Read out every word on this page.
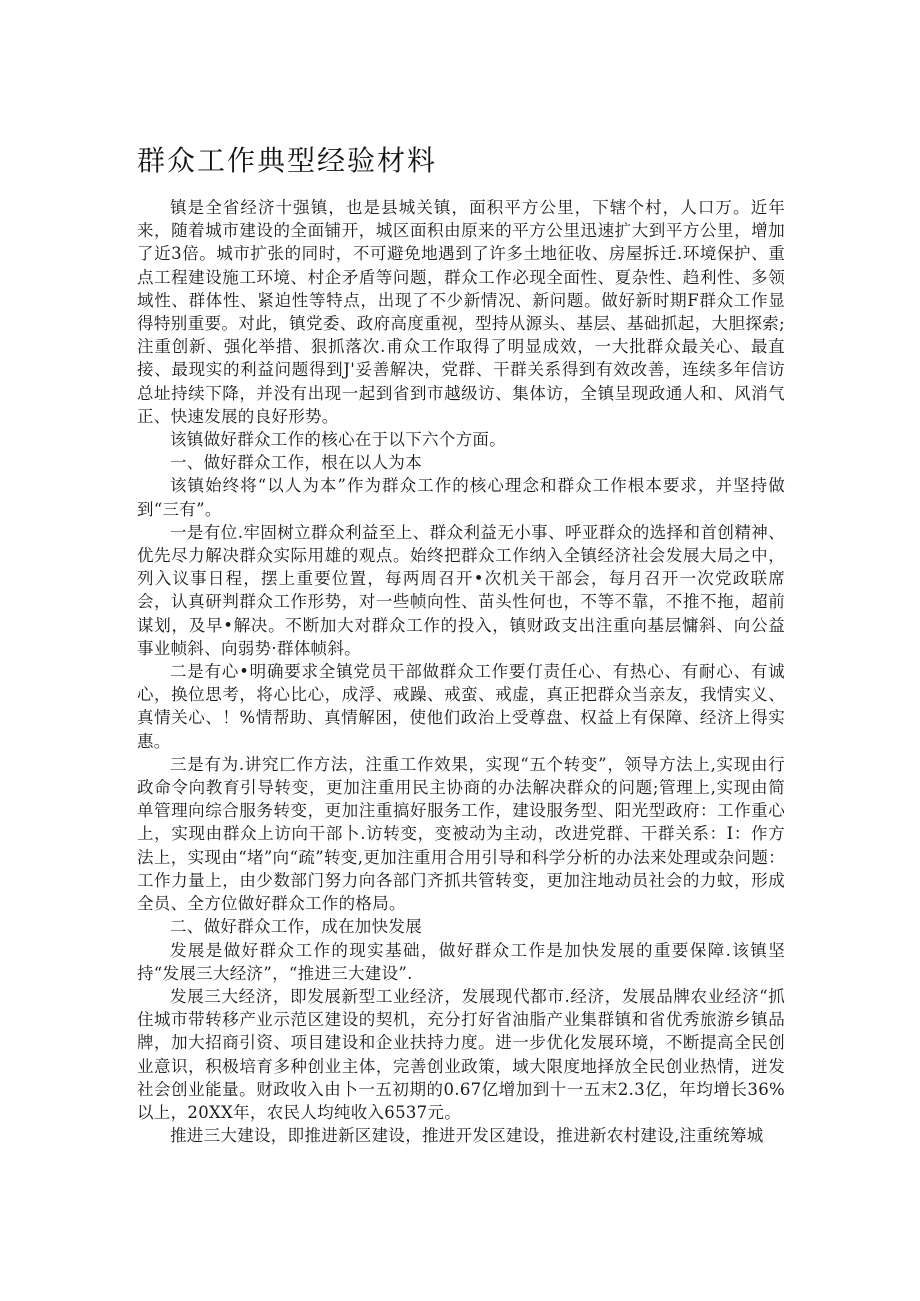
群众工作典型经验材料

镇是全省经济十强镇，也是县城关镇，面积平方公里，下辖个村，人口万。近年来，随着城市建设的全面铺开，城区面积由原来的平方公里迅速扩大到平方公里，增加了近3倍。城市扩张的同时，不可避免地遇到了许多土地征收、房屋拆迁.环境保护、重点工程建设施工环境、村企矛盾等问题，群众工作必现全面性、夏杂性、趋利性、多领域性、群体性、紧迫性等特点，出现了不少新情况、新问题。做好新时期F群众工作显得特别重要。对此，镇党委、政府高度重视，型持从源头、基层、基础抓起，大胆探索;注重创新、强化举措、狠抓落次.甫众工作取得了明显成效，一大批群众最关心、最直接、最现实的利益问题得到J'妥善解决，党群、干群关系得到有效改善，连续多年信访总址持续下降，并没有出现一起到省到市越级访、集体访，全镇呈现政通人和、风消气正、快速发展的良好形势。

该镇做好群众工作的核心在于以下六个方面。

一、做好群众工作，根在以人为本

该镇始终将“以人为本”作为群众工作的核心理念和群众工作根本要求，并坚持做到“三有”。

一是有位.牢固树立群众利益至上、群众利益无小事、呼亚群众的选择和首创精神、优先尽力解决群众实际用雄的观点。始终把群众工作纳入全镇经济社会发展大局之中，列入议事日程，摆上重要位置，每两周召开•次机关干部会，每月召开一次党政联席会，认真研判群众工作形势，对一些帧向性、苗头性何也，不等不靠，不推不拖，超前谋划，及早•解决。不断加大对群众工作的投入，镇财政支出注重向基层慵斜、向公益事业帧斜、向弱势·群体帧斜。

二是有心•明确要求全镇党员干部做群众工作要仃责任心、有热心、有耐心、有诚心，换位思考，将心比心，成浮、戒躁、戒蛮、戒虚，真正把群众当亲友，我情实义、真情关心、！%情帮助、真情解困，使他们政治上受尊盘、权益上有保障、经济上得实惠。

三是有为.讲究匚作方法，注重工作效果，实现“五个转变”，领导方法上,实现由行政命令向教育引导转变，更加注重用民主协商的办法解决群众的问题;管理上,实现由简单管理向综合服务转变，更加注重搞好服务工作，建设服务型、阳光型政府：工作重心上，实现由群众上访向干部卜.访转变，变被动为主动，改进党群、干群关系：I：作方法上，实现由“堵”向“疏”转变,更加注重用合用引导和科学分析的办法来处理或杂问题：工作力量上，由少数部门努力向各部门齐抓共管转变，更加注地动员社会的力蚊，形成全员、全方位做好群众工作的格局。

二、做好群众工作，成在加快发展

发展是做好群众工作的现实基础，做好群众工作是加快发展的重要保障.该镇坚持“发展三大经济”，“推进三大建设”.

发展三大经济，即发展新型工业经济，发展现代都市.经济，发展品牌农业经济“抓住城市带转移产业示范区建设的契机，充分打好省油脂产业集群镇和省优秀旅游乡镇品牌，加大招商引资、项目建设和企业扶持力度。进一步优化发展环境，不断提高全民创业意识，积极培育多种创业主体，完善创业政策，域大限度地择放全民创业热情，迸发社会创业能量。财政收入由卜一五初期的0.67亿增加到十一五末2.3亿，年均增长36%以上，20XX年，农民人均纯收入6537元。

推进三大建设，即推进新区建设，推进开发区建设，推进新农村建设,注重统筹城
